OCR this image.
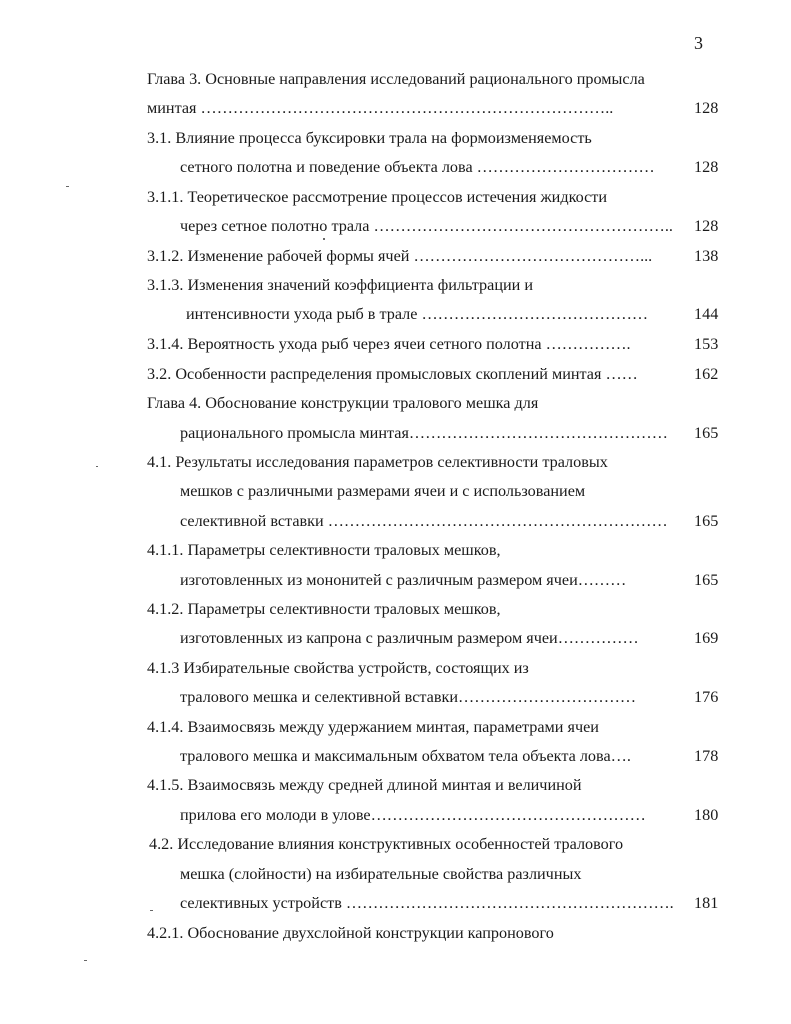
3
Глава 3. Основные направления исследований рационального промысла
минтая …………………………………………………………………..	128
3.1. Влияние процесса буксировки трала на формоизменяемость
сетного полотна и поведение объекта лова …………………………… 128
3.1.1. Теоретическое рассмотрение процессов истечения жидкости
через сетное полотно трала ……………………………………………….. 128
3.1.2. Изменение рабочей формы ячей ……………………………………...	138
3.1.3. Изменения значений коэффициента фильтрации и
интенсивности ухода рыб в трале ……………………………………	144
3.1.4. Вероятность ухода рыб через ячеи сетного полотна …………….	153
3.2. Особенности распределения промысловых скоплений минтая ……	162
Глава 4. Обоснование конструкции тралового мешка для
рационального промысла минтая………………………………………… 165
4.1. Результаты исследования параметров селективности траловых
мешков с различными размерами ячеи и с использованием
селективной вставки ……………………………………………………… 165
4.1.1. Параметры селективности траловых мешков,
изготовленных из мононитей с различным размером ячеи………	165
4.1.2. Параметры селективности траловых мешков,
изготовленных из капрона с различным размером ячеи……………	169
4.1.3 Избирательные свойства устройств, состоящих из
тралового мешка и селективной вставки……………………………	176
4.1.4. Взаимосвязь между удержанием минтая, параметрами ячеи
тралового мешка и максимальным обхватом тела объекта лова….	178
4.1.5. Взаимосвязь между средней длиной минтая и величиной
прилова его молоди в улове……………………………………………	180
4.2. Исследование влияния конструктивных особенностей тралового
мешка (слойности) на избирательные свойства различных
селективных устройств ……………………………………………………. 181
4.2.1. Обоснование двухслойной конструкции капронового
